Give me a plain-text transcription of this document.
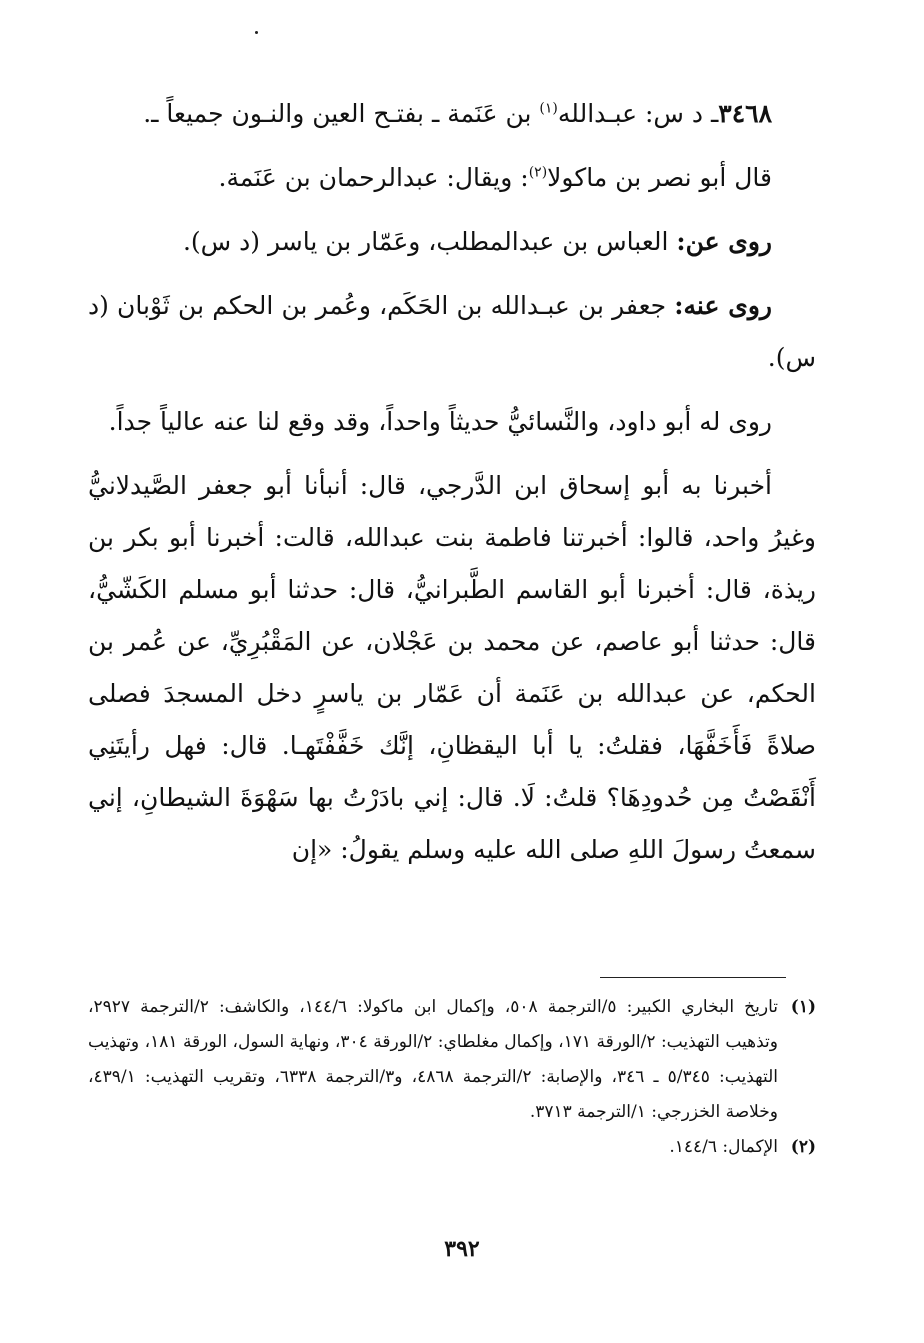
٣٤٦٨ـ د س: عبـدالله$^{(١)}$ بن عَنَمة ـ بفتـح العين والنـون جميعاً ـ.

قال أبو نصر بن ماكولا$^{(٢)}$: ويقال: عبدالرحمان بن عَنَمة.

روى عن: العباس بن عبدالمطلب، وعَمّار بن ياسر (د س).

روى عنه: جعفر بن عبـدالله بن الحَكَم، وعُمر بن الحكم بن ثَوْبان (د س).

روى له أبو داود، والنَّسائيُّ حديثاً واحداً، وقد وقع لنا عنه عالياً جداً.

أخبرنا به أبو إسحاق ابن الدَّرجي، قال: أنبأنا أبو جعفر الصَّيدلانيُّ وغيرُ واحد، قالوا: أخبرتنا فاطمة بنت عبدالله، قالت: أخبرنا أبو بكر بن ريذة، قال: أخبرنا أبو القاسم الطَّبرانيُّ، قال: حدثنا أبو مسلم الكَشّيُّ، قال: حدثنا أبو عاصم، عن محمد بن عَجْلان، عن المَقْبُرِيِّ، عن عُمر بن الحكم، عن عبدالله بن عَنَمة أن عَمّار بن ياسرٍ دخل المسجدَ فصلى صلاةً فَأَخَفَّهَا، فقلتُ: يا أبا اليقظانِ، إنَّك خَفَّفْتَهـا. قال: فهل رأيتَنِي أَنْقَصْتُ مِن حُدودِهَا؟ قلتُ: لَا. قال: إني بادَرْتُ بها سَهْوَةَ الشيطانِ، إني سمعتُ رسولَ اللهِ صلى الله عليه وسلم يقولُ: «إن

(١)
تاريخ البخاري الكبير: ٥/الترجمة ٥٠٨، وإكمال ابن ماكولا: ١٤٤/٦، والكاشف: ٢/الترجمة ٢٩٢٧، وتذهيب التهذيب: ٢/الورقة ١٧١، وإكمال مغلطاي: ٢/الورقة ٣٠٤، ونهاية السول، الورقة ١٨١، وتهذيب التهذيب: ٥/٣٤٥ ـ ٣٤٦، والإصابة: ٢/الترجمة ٤٨٦٨، و٣/الترجمة ٦٣٣٨، وتقريب التهذيب: ٤٣٩/١، وخلاصة الخزرجي: ١/الترجمة ٣٧١٣.
(٢)
الإكمال: ١٤٤/٦.
٣٩٢
